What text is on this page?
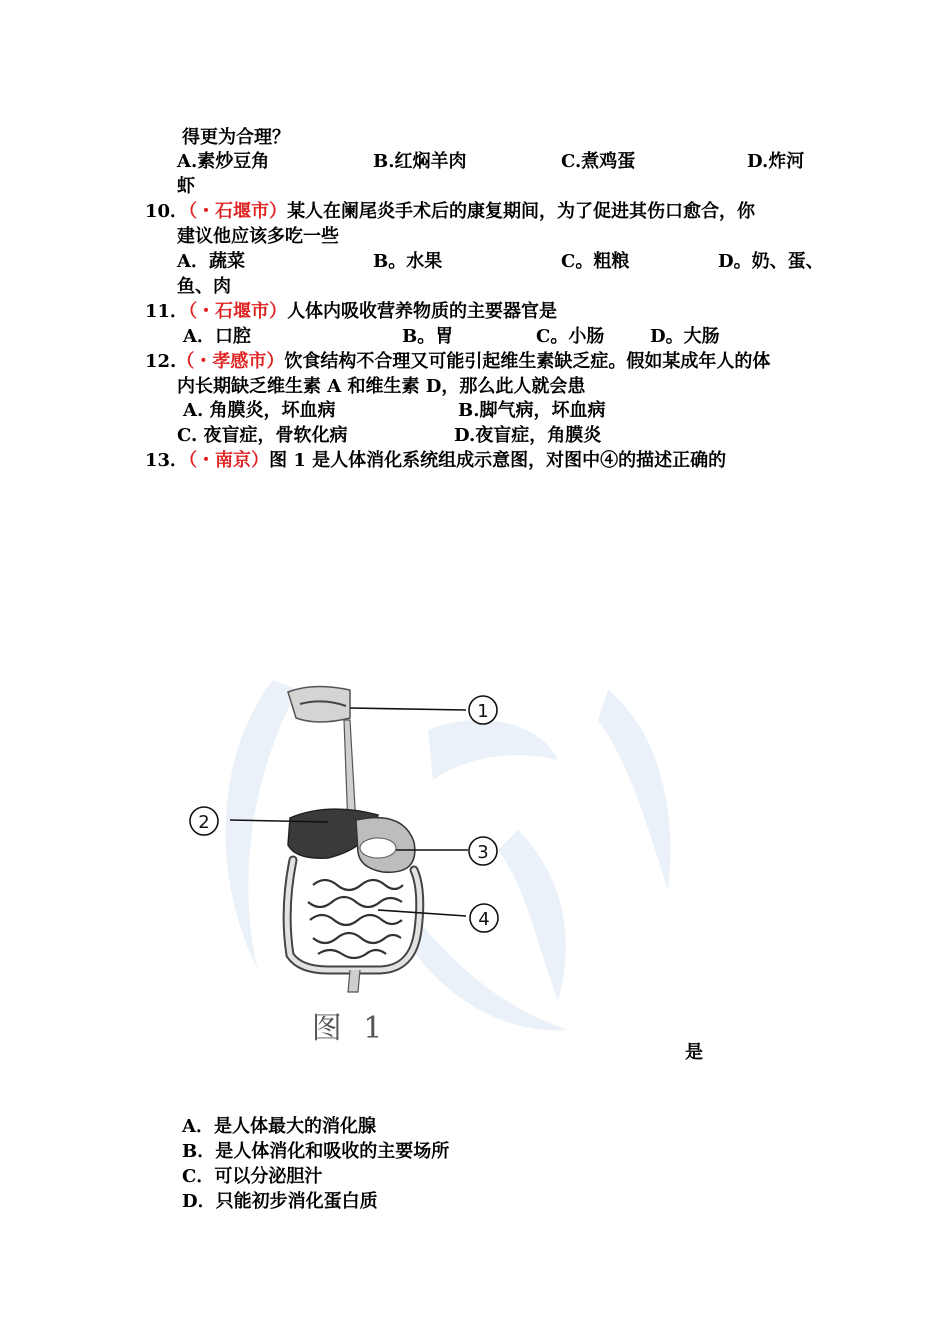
得更为合理？
A.素炒豆角	B.红焖羊肉	C.煮鸡蛋	D.炸河
虾
10．（・石堰市）某人在阑尾炎手术后的康复期间，为了促进其伤口愈合，你
建议他应该多吃一些
A．蔬菜	B。水果	C。粗粮	D。奶、蛋、
鱼、肉
11．（・石堰市）人体内吸收营养物质的主要器官是
A．口腔	B。胃	C。小肠	D。大肠
12.（・孝感市）饮食结构不合理又可能引起维生素缺乏症。假如某成年人的体
内长期缺乏维生素 A 和维生素 D，那么此人就会患
A. 角膜炎，坏血病	B.脚气病，坏血病
C. 夜盲症，骨软化病	D.夜盲症，角膜炎
13．（・南京）图 1 是人体消化系统组成示意图，对图中④的描述正确的
1
2
3
4
图 1
是
A．是人体最大的消化腺
B．是人体消化和吸收的主要场所
C．可以分泌胆汁
D．只能初步消化蛋白质
